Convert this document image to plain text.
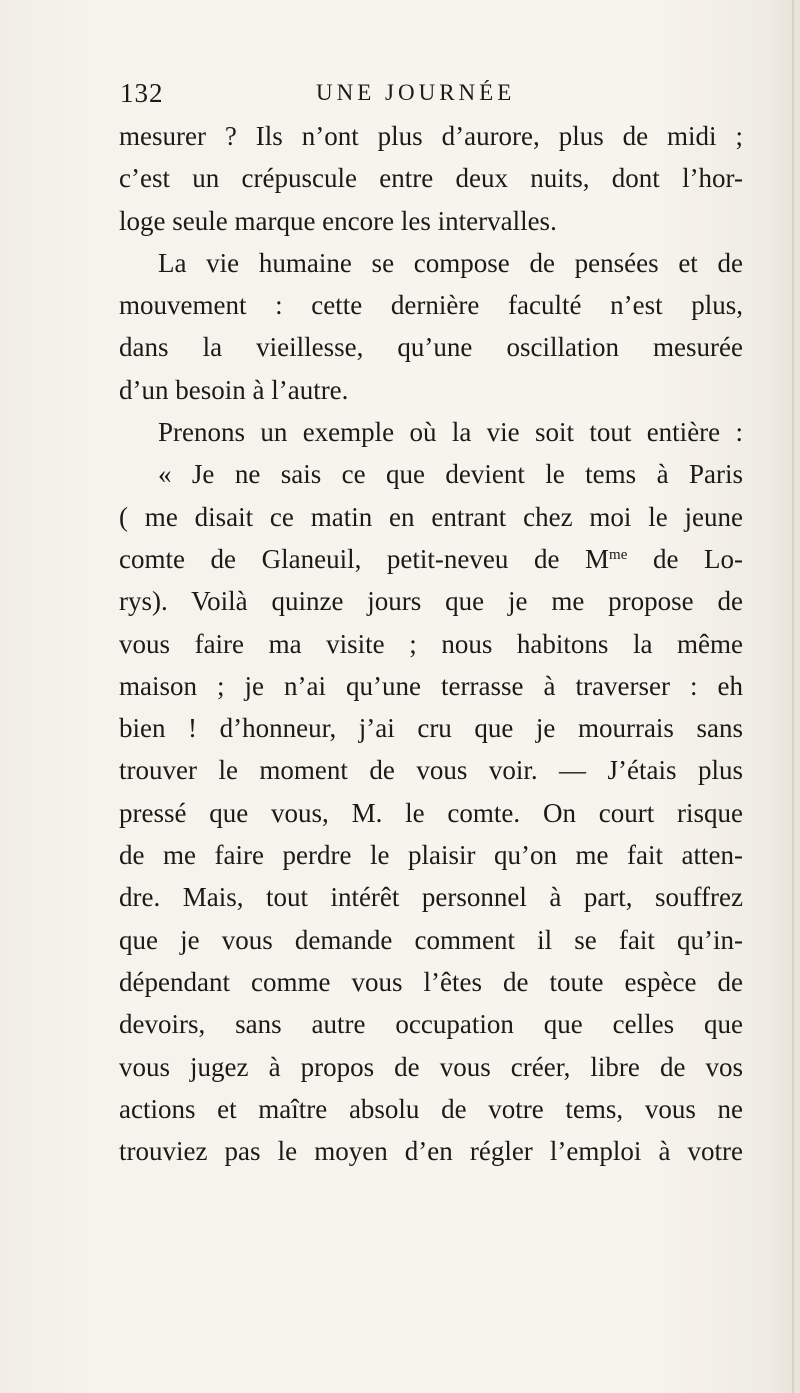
132	UNE JOURNÉE
mesurer ? Ils n’ont plus d’aurore, plus de midi ;
c’est un crépuscule entre deux nuits, dont l’hor-
loge seule marque encore les intervalles.
La vie humaine se compose de pensées et de
mouvement : cette dernière faculté n’est plus,
dans la vieillesse, qu’une oscillation mesurée
d’un besoin à l’autre.
Prenons un exemple où la vie soit tout entière :
« Je ne sais ce que devient le tems à Paris
( me disait ce matin en entrant chez moi le jeune
comte de Glaneuil, petit-neveu de $M^{me}$ de Lo-
rys). Voilà quinze jours que je me propose de
vous faire ma visite ; nous habitons la même
maison ; je n’ai qu’une terrasse à traverser : eh
bien ! d’honneur, j’ai cru que je mourrais sans
trouver le moment de vous voir. — J’étais plus
pressé que vous, M. le comte. On court risque
de me faire perdre le plaisir qu’on me fait atten-
dre. Mais, tout intérêt personnel à part, souffrez
que je vous demande comment il se fait qu’in-
dépendant comme vous l’êtes de toute espèce de
devoirs, sans autre occupation que celles que
vous jugez à propos de vous créer, libre de vos
actions et maître absolu de votre tems, vous ne
trouviez pas le moyen d’en régler l’emploi à votre
